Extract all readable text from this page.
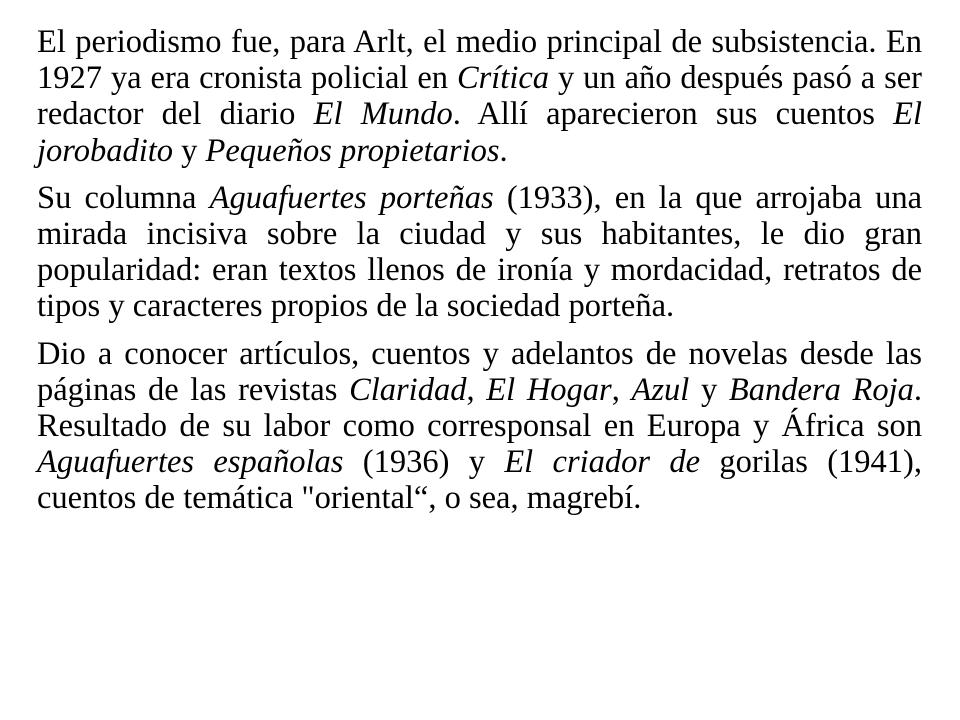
El periodismo fue, para Arlt, el medio principal de subsistencia. En 1927 ya era cronista policial en Crítica y un año después pasó a ser redactor del diario El Mundo. Allí aparecieron sus cuentos El jorobadito y Pequeños propietarios.

Su columna Aguafuertes porteñas (1933), en la que arrojaba una mirada incisiva sobre la ciudad y sus habitantes, le dio gran popularidad: eran textos llenos de ironía y mordacidad, retratos de tipos y caracteres propios de la sociedad porteña.

Dio a conocer artículos, cuentos y adelantos de novelas desde las páginas de las revistas Claridad, El Hogar, Azul y Bandera Roja. Resultado de su labor como corresponsal en Europa y África son Aguafuertes españolas (1936) y El criador de gorilas (1941), cuentos de temática "oriental“, o sea, magrebí.
